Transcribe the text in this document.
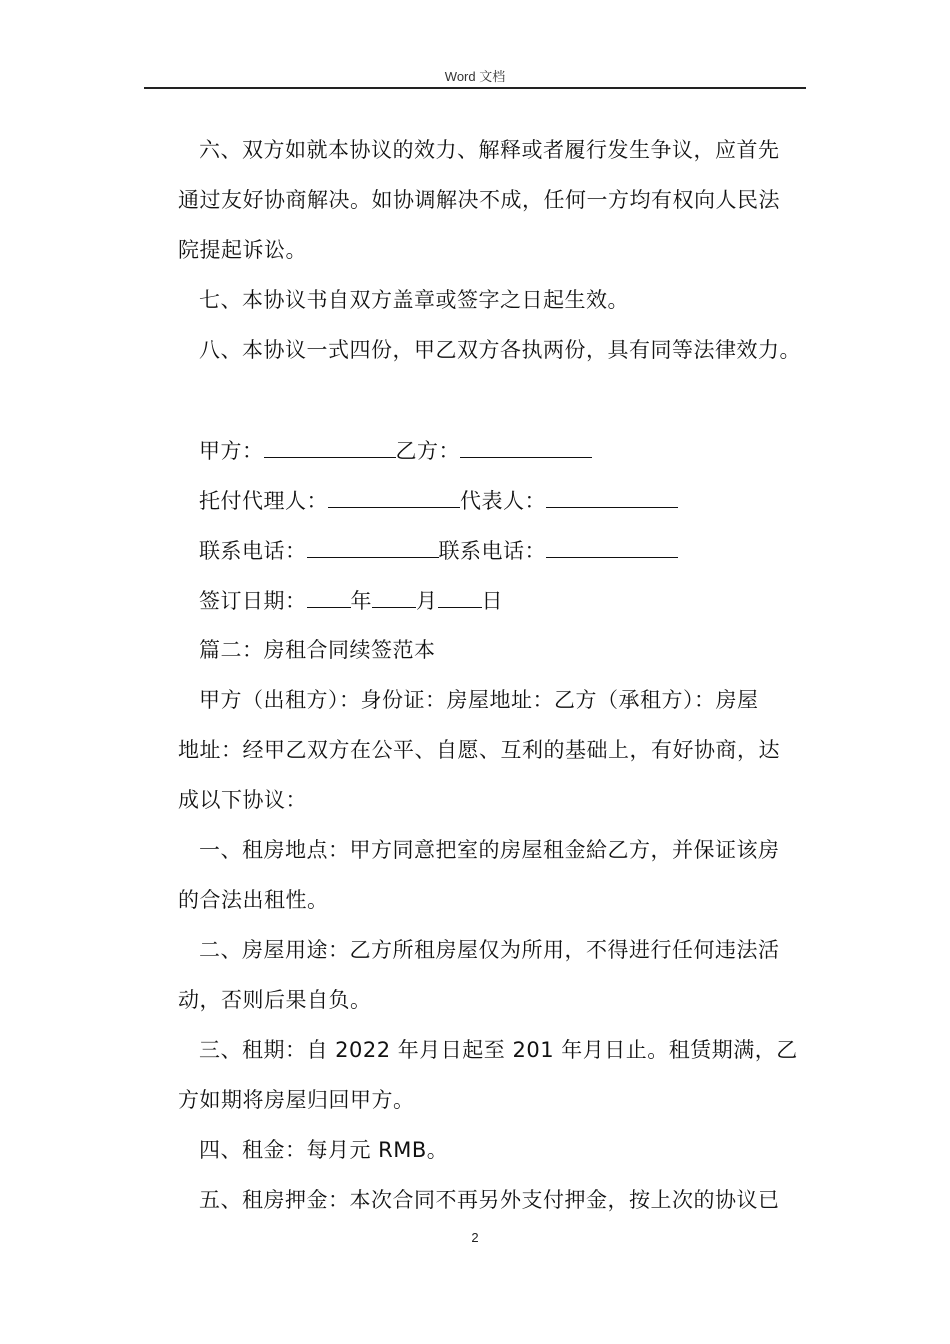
Word 文档
六、双方如就本协议的效力、解释或者履行发生争议，应首先
通过友好协商解决。如协调解决不成，任何一方均有权向人民法
院提起诉讼。
七、本协议书自双方盖章或签字之日起生效。
八、本协议一式四份，甲乙双方各执两份，具有同等法律效力。
甲方：	乙方：
托付代理人：	代表人：
联系电话：	联系电话：
签订日期： 年 月 日
篇二：房租合同续签范本
甲方（出租方）：身份证：房屋地址：乙方（承租方）：房屋
地址：经甲乙双方在公平、自愿、互利的基础上，有好协商，达
成以下协议：
一、租房地点：甲方同意把室的房屋租金給乙方，并保证该房
的合法出租性。
二、房屋用途：乙方所租房屋仅为所用，不得进行任何违法活
动，否则后果自负。
三、租期：自 2022 年月日起至 201 年月日止。租赁期满，乙
方如期将房屋归回甲方。
四、租金：每月元 RMB。
五、租房押金：本次合同不再另外支付押金，按上次的协议已
2
